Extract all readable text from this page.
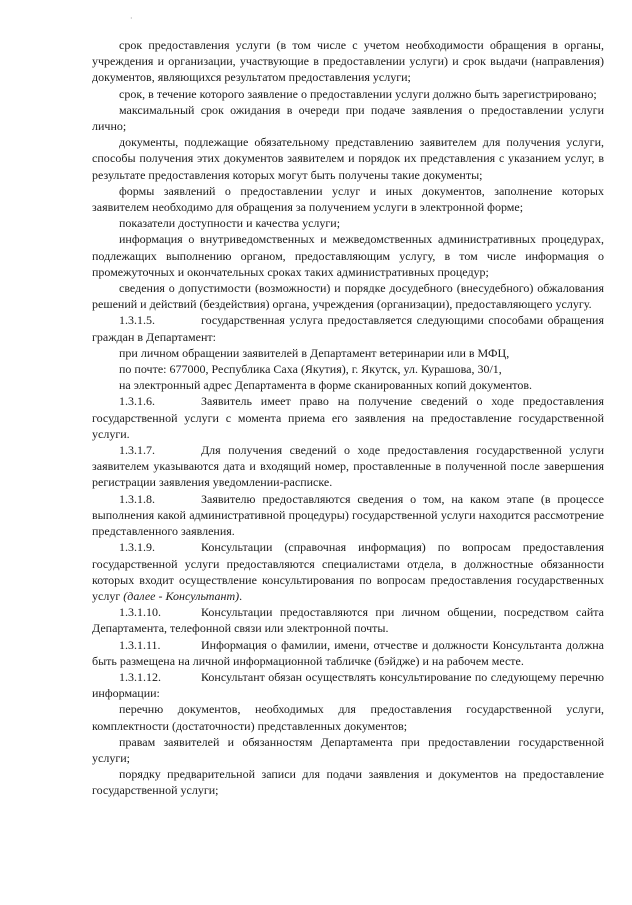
·

срок предоставления услуги (в том числе с учетом необходимости обращения в органы, учреждения и организации, участвующие в предоставлении услуги) и срок выдачи (направления) документов, являющихся результатом предоставления услуги;

срок, в течение которого заявление о предоставлении услуги должно быть зарегистрировано;

максимальный срок ожидания в очереди при подаче заявления о предоставлении услуги лично;

документы, подлежащие обязательному представлению заявителем для получения услуги, способы получения этих документов заявителем и порядок их представления с указанием услуг, в результате предоставления которых могут быть получены такие документы;

формы заявлений о предоставлении услуг и иных документов, заполнение которых заявителем необходимо для обращения за получением услуги в электронной форме;

показатели доступности и качества услуги;

информация о внутриведомственных и межведомственных административных процедурах, подлежащих выполнению органом, предоставляющим услугу, в том числе информация о промежуточных и окончательных сроках таких административных процедур;

сведения о допустимости (возможности) и порядке досудебного (внесудебного) обжалования решений и действий (бездействия) органа, учреждения (организации), предоставляющего услугу.

1.3.1.5.	государственная услуга предоставляется следующими способами обращения граждан в Департамент:

при личном обращении заявителей в Департамент ветеринарии или в МФЦ,

по почте: 677000, Республика Саха (Якутия), г. Якутск, ул. Курашова, 30/1,

на электронный адрес Департамента в форме сканированных копий документов.

1.3.1.6.	Заявитель имеет право на получение сведений о ходе предоставления государственной услуги с момента приема его заявления на предоставление государственной услуги.

1.3.1.7.	Для получения сведений о ходе предоставления государственной услуги заявителем указываются дата и входящий номер, проставленные в полученной после завершения регистрации заявления уведомлении-расписке.

1.3.1.8.	Заявителю предоставляются сведения о том, на каком этапе (в процессе выполнения какой административной процедуры) государственной услуги находится рассмотрение представленного заявления.

1.3.1.9.	Консультации (справочная информация) по вопросам предоставления государственной услуги предоставляются специалистами отдела, в должностные обязанности которых входит осуществление консультирования по вопросам предоставления государственных услуг (далее - Консультант).

1.3.1.10.	Консультации предоставляются при личном общении, посредством сайта Департамента, телефонной связи или электронной почты.

1.3.1.11.	Информация о фамилии, имени, отчестве и должности Консультанта должна быть размещена на личной информационной табличке (бэйдже) и на рабочем месте.

1.3.1.12.	Консультант обязан осуществлять консультирование по следующему перечню информации:

перечню документов, необходимых для предоставления государственной услуги, комплектности (достаточности) представленных документов;

правам заявителей и обязанностям Департамента при предоставлении государственной услуги;

порядку предварительной записи для подачи заявления и документов на предоставление государственной услуги;
